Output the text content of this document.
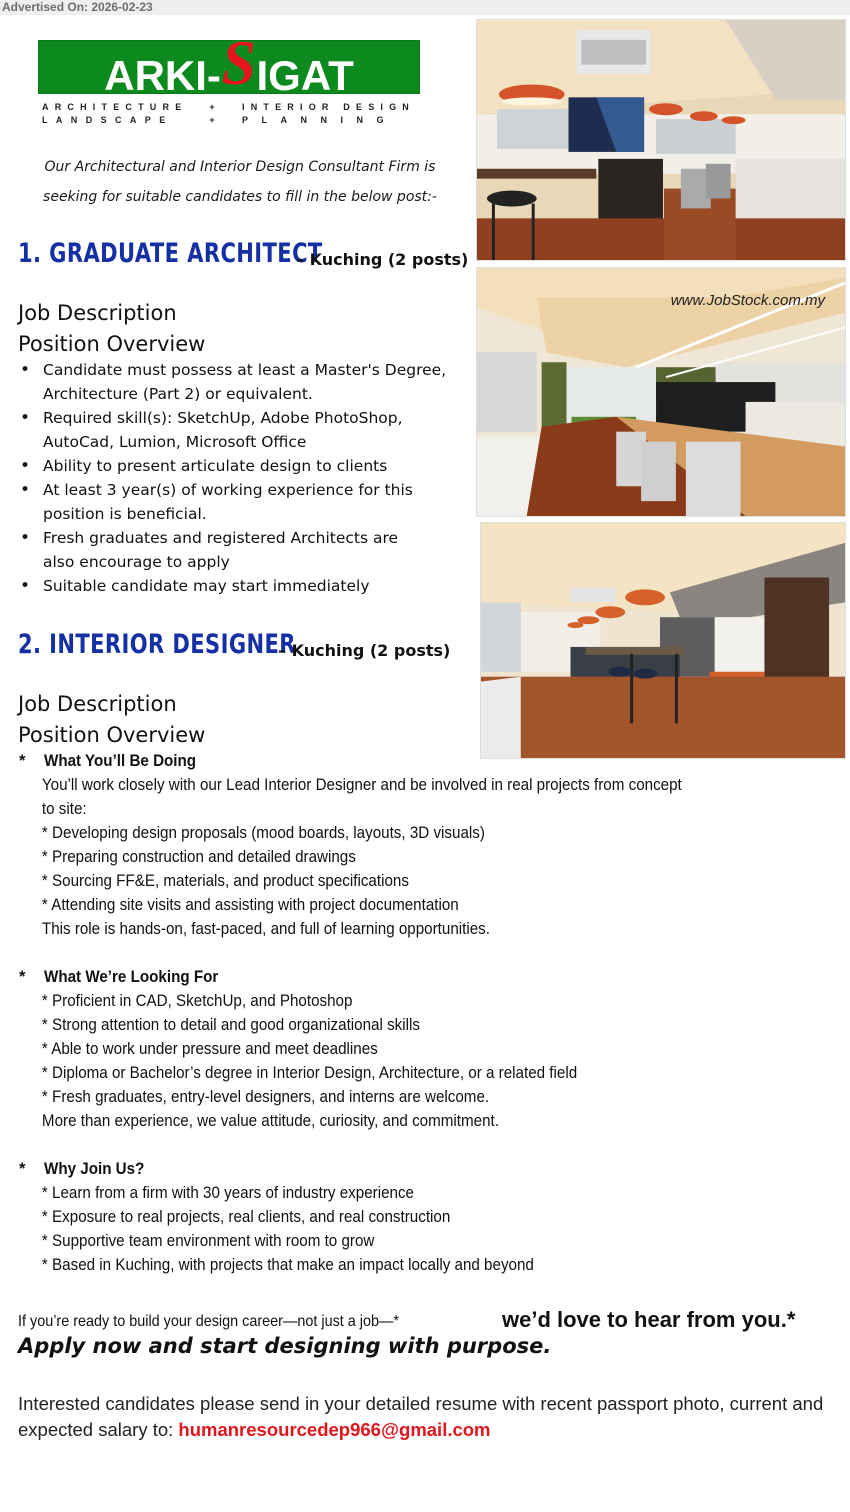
Advertised On: 2026-02-23
ARKI-SIGAT
ARCHITECTURE	+	INTERIOR DESIGN
LANDSCAPE	+	PLANNING
Our Architectural and Interior Design Consultant Firm is
seeking for suitable candidates to fill in the below post:-
1. GRADUATE ARCHITECT
– Kuching (2 posts)
Job Description
Position Overview
• Candidate must possess at least a Master's Degree, Architecture (Part 2) or equivalent.
• Required skill(s): SketchUp, Adobe PhotoShop, AutoCad, Lumion, Microsoft Office
• Ability to present articulate design to clients
• At least 3 year(s) of working experience for this position is beneficial.
• Fresh graduates and registered Architects are also encourage to apply
• Suitable candidate may start immediately
2. INTERIOR DESIGNER
– Kuching (2 posts)
Job Description
Position Overview
* What You’ll Be Doing
You’ll work closely with our Lead Interior Designer and be involved in real projects from concept
to site:
* Developing design proposals (mood boards, layouts, 3D visuals)
* Preparing construction and detailed drawings
* Sourcing FF&E, materials, and product specifications
* Attending site visits and assisting with project documentation
This role is hands-on, fast-paced, and full of learning opportunities.
* What We’re Looking For
* Proficient in CAD, SketchUp, and Photoshop
* Strong attention to detail and good organizational skills
* Able to work under pressure and meet deadlines
* Diploma or Bachelor’s degree in Interior Design, Architecture, or a related field
* Fresh graduates, entry-level designers, and interns are welcome.
More than experience, we value attitude, curiosity, and commitment.
* Why Join Us?
* Learn from a firm with 30 years of industry experience
* Exposure to real projects, real clients, and real construction
* Supportive team environment with room to grow
* Based in Kuching, with projects that make an impact locally and beyond
If you’re ready to build your design career—not just a job—*	we’d love to hear from you.*
Apply now and start designing with purpose.
Interested candidates please send in your detailed resume with recent passport photo, current and expected salary to: humanresourcedep966@gmail.com
www.JobStock.com.my
